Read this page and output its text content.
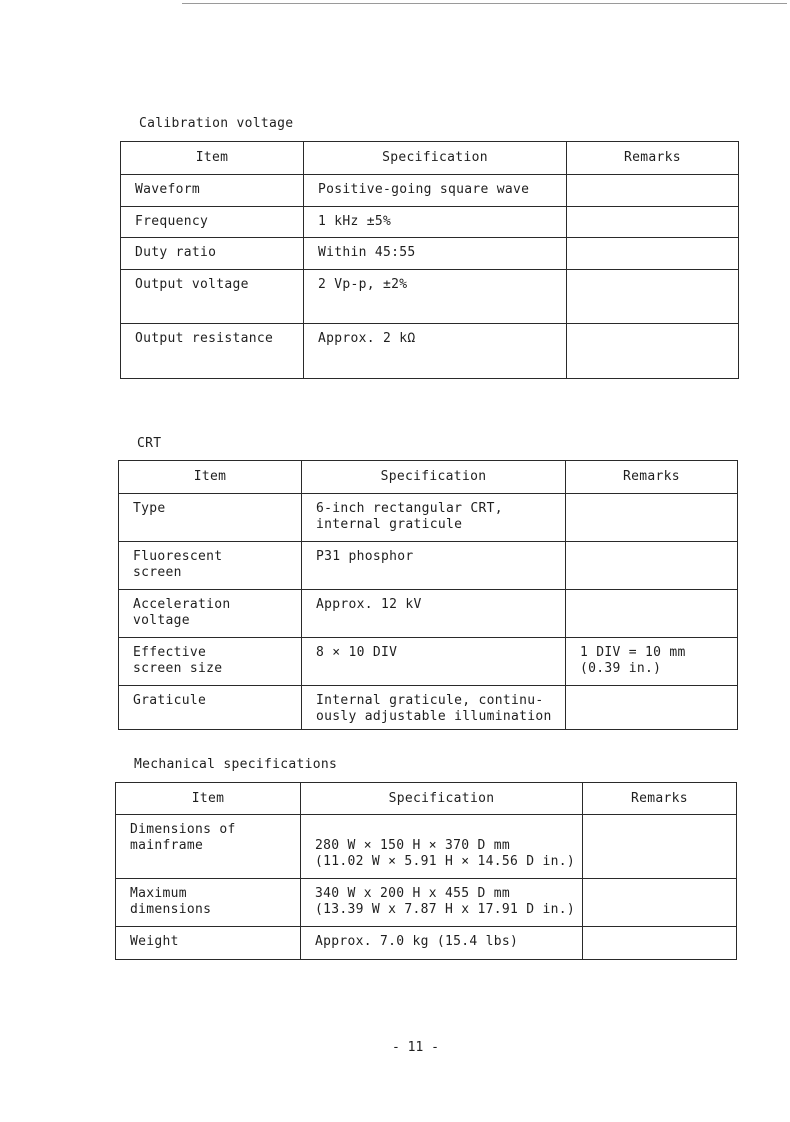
Calibration voltage
Item	Specification	Remarks
Waveform	Positive-going square wave	
Frequency	1 kHz ±5%	
Duty ratio	Within 45:55	
Output voltage	2 Vp-p, ±2%	
Output resistance	Approx. 2 kΩ	
CRT
Item	Specification	Remarks

Type	6-inch rectangular CRT,
internal graticule	

Fluorescent
screen	P31 phosphor	

Acceleration
voltage	Approx. 12 kV	

Effective
screen size	8 × 10 DIV	1 DIV = 10 mm
(0.39 in.)

Graticule	Internal graticule, continu-
ously adjustable illumination	

Mechanical specifications
Item	Specification	Remarks

Dimensions of
mainframe	280 W × 150 H × 370 D mm
(11.02 W × 5.91 H × 14.56 D in.)	

Maximum
dimensions	340 W x 200 H x 455 D mm
(13.39 W x 7.87 H x 17.91 D in.)	

Weight	Approx. 7.0 kg (15.4 lbs)	

- 11 -
